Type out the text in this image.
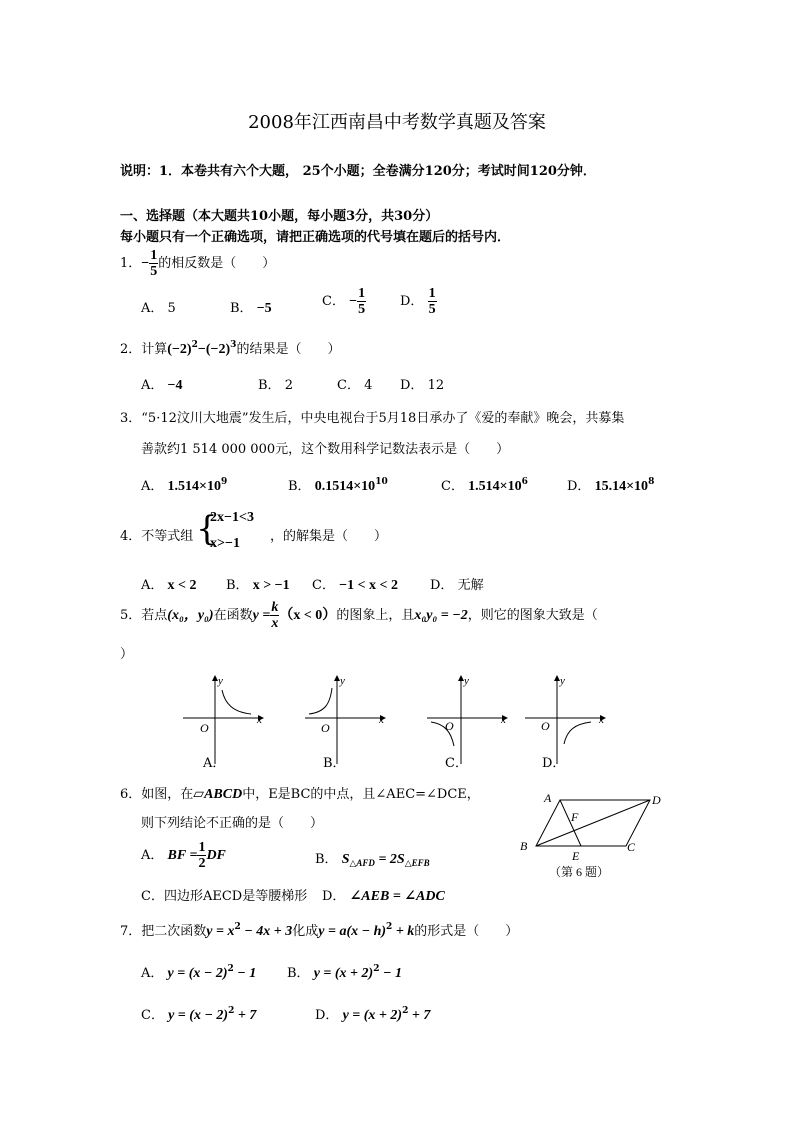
2008年江西南昌中考数学真题及答案
说明：1．本卷共有六个大题， 25个小题；全卷满分120分；考试时间120分钟．
一、选择题（本大题共10小题，每小题3分，共30分）
每小题只有一个正确选项，请把正确选项的代号填在题后的括号内．
1．− $\frac{1}{5}$ 的相反数是（　　）
A． 5	B． −5	C． − $\frac{1}{5}$	D． $\frac{1}{5}$
2．计算$(-2)^2-(-2)^3$的结果是（　　）
A． −4	B． 2	C． 4 D． 12
3．“5·12汶川大地震”发生后，中央电视台于5月18日承办了《爱的奉献》晚会，共募集
善款约1 514 000 000元，这个数用科学记数法表示是（　　）
A． $1.514\times 10^9$	B． $0.1514\times 10^{10}$	C． $1.514\times 10^6$	D． $15.14\times 10^8$
4．不等式组 {
2x−1<3
x>−1 ，的解集是（　　）
A． x < 2 B． x > −1 C． −1 < x < 2 D． 无解
5．若点(x₀，y₀)在函数$y = \frac{k}{x} (x < 0)$的图象上，且x₀y₀ = −2，则它的图象大致是（
）
y
x
O
y
x
O
y
x
O
y
x
O
A．	B．	C．	D．
6．如图，在▱ABCD中，E是BC的中点，且∠AEC=∠DCE，
则下列结论不正确的是（　　）
A． BF = $\frac{1}{2}$ DF	B． $S_{\triangle AFD} = 2S_{\triangle EFB}$
C．四边形AECD是等腰梯形 D． ∠AEB = ∠ADC
A	D
B	C
E
F
（第 6 题）
7．把二次函数$y = x^2 - 4x + 3$化成$y = a(x - h)^2 + k$的形式是（　　）
A． $y = (x - 2)^2 - 1$ B． $y = (x + 2)^2 - 1$
C． $y = (x - 2)^2 + 7$	D． $y = (x + 2)^2 + 7$
